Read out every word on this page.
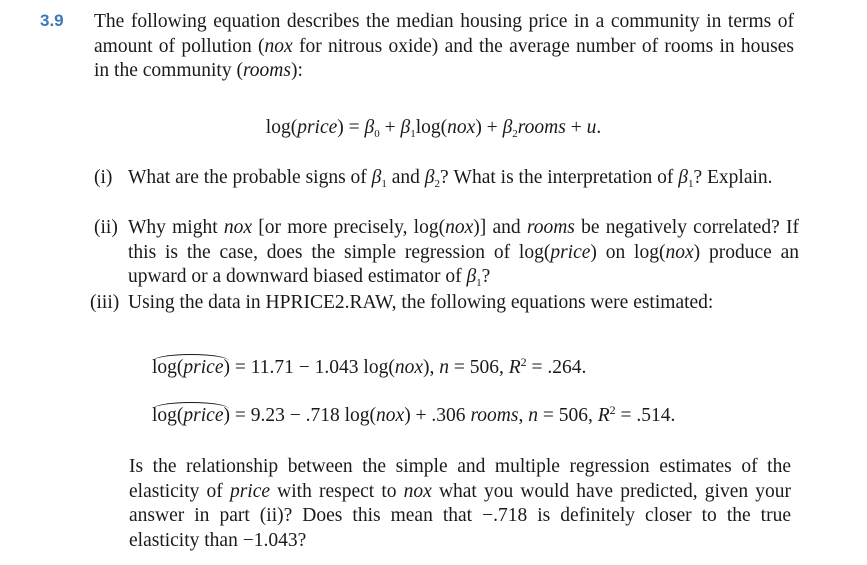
3.9 The following equation describes the median housing price in a community in terms of amount of pollution (nox for nitrous oxide) and the average number of rooms in houses in the community (rooms):
log(price) = $\beta_0 + \beta_1\log(nox)$ + $\beta_2rooms + u$.
(i) What are the probable signs of $\beta_1$ and $\beta_2$? What is the interpretation of $\beta_1$? Explain.
(ii) Why might nox [or more precisely, log(nox)] and rooms be negatively correlated? If this is the case, does the simple regression of log(price) on log(nox) produce an upward or a downward biased estimator of $\beta_1$?
(iii) Using the data in HPRICE2.RAW, the following equations were estimated:
log(price) = 11.71 − 1.043 log(nox), n = 506, $R^2 = .264$.
log(price) = 9.23 − .718 log(nox) + .306 rooms, n = 506, $R^2 = .514$.
Is the relationship between the simple and multiple regression estimates of the elasticity of price with respect to nox what you would have predicted, given your answer in part (ii)? Does this mean that −.718 is definitely closer to the true elasticity than −1.043?
